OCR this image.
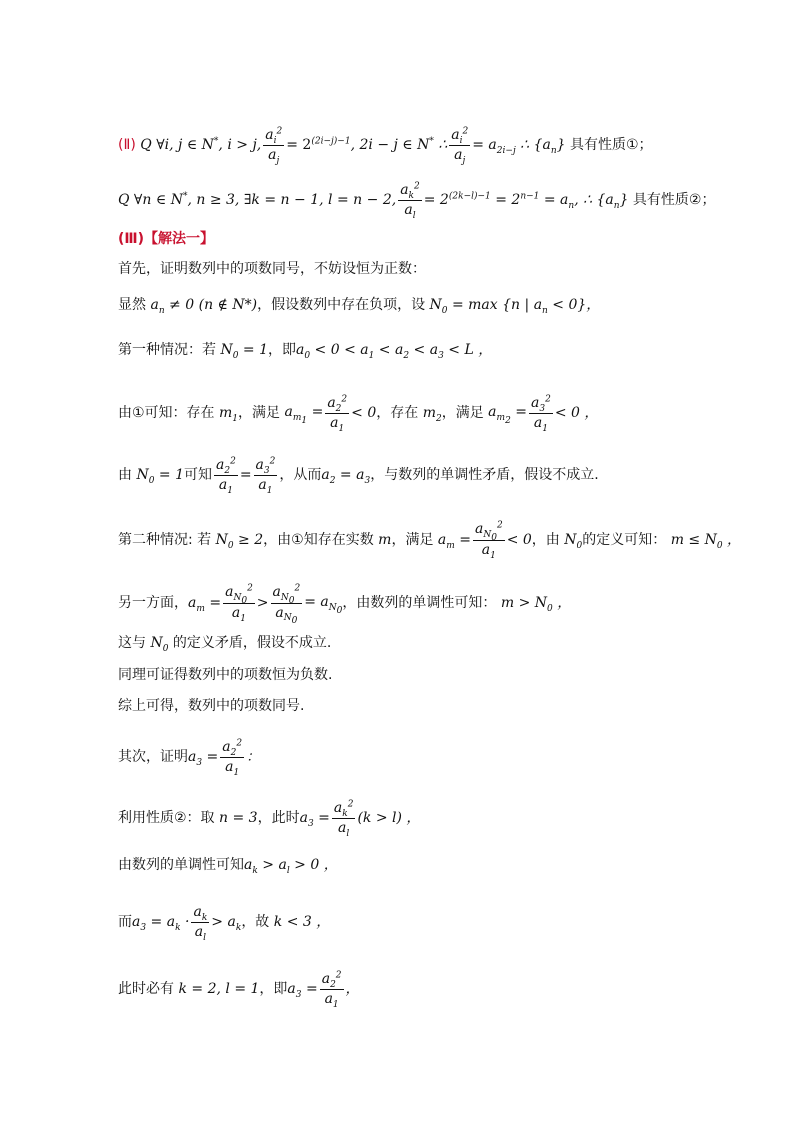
(Ⅱ) Q ∀i, j ∈ N*, i > j, $\frac{a_i^2}{a_j} = 2^{(2i-j)-1}$, 2i − j ∈ N* ∴ $\frac{a_i^2}{a_j} = a_{2i-j}$ ∴ $\{a_n\}$ 具有性质①；
Q ∀n ∈ N*, n ≥ 3, ∃k = n − 1, l = n − 2, $\frac{a_k^2}{a_l} = 2^{(2k-l)-1} = 2^{n-1} = a_n$, ∴ $\{a_n\}$ 具有性质②；
(Ⅲ)【解法一】
首先，证明数列中的项数同号，不妨设恒为正数：
显然 $a_n \ne 0$ (n ∉ N*) ，假设数列中存在负项，设 $N_0 = \max \{n$ | $a_n < 0$}，
第一种情况：若 $N_0 = 1$ ，即 $a_0 < 0 < a_1 < a_2 < a_3 < L$ ，
由①可知：存在 $m_1$ ，满足 $a_{m_1} = \frac{a_2^2}{a_1} < 0$ ，存在 $m_2$ ，满足 $a_{m_2} = \frac{a_3^2}{a_1} < 0$ ，
由 $N_0 = 1$ 可知 $\frac{a_2^2}{a_1} = \frac{a_3^2}{a_1}$ ，从而 $a_2 = a_3$ ，与数列的单调性矛盾，假设不成立.
第二种情况: 若 $N_0 \ge 2$ ，由①知存在实数 m ，满足 $a_m = \frac{a_{N_0}^2}{a_1} < 0$ ，由 $N_0$ 的定义可知： $m \le N_0$ ，
另一方面， $a_m = \frac{a_{N_0}^2}{a_1} > \frac{a_{N_0}^2}{a_{N_0}} = a_{N_0}$ ，由数列的单调性可知： $m > N_0$ ，
这与 $N_0$ 的定义矛盾，假设不成立.
同理可证得数列中的项数恒为负数.
综上可得，数列中的项数同号.
其次，证明 $a_3 = \frac{a_2^2}{a_1}$ ：
利用性质②：取 n = 3 ，此时 $a_3 = \frac{a_k^2}{a_l} (k > l)$ ，
由数列的单调性可知 $a_k > a_l > 0$ ，
而 $a_3 = a_k \cdot \frac{a_k}{a_l} > a_k$ ，故 k < 3 ，
此时必有 k = 2, l = 1 ，即 $a_3 = \frac{a_2^2}{a_1}$ ，
